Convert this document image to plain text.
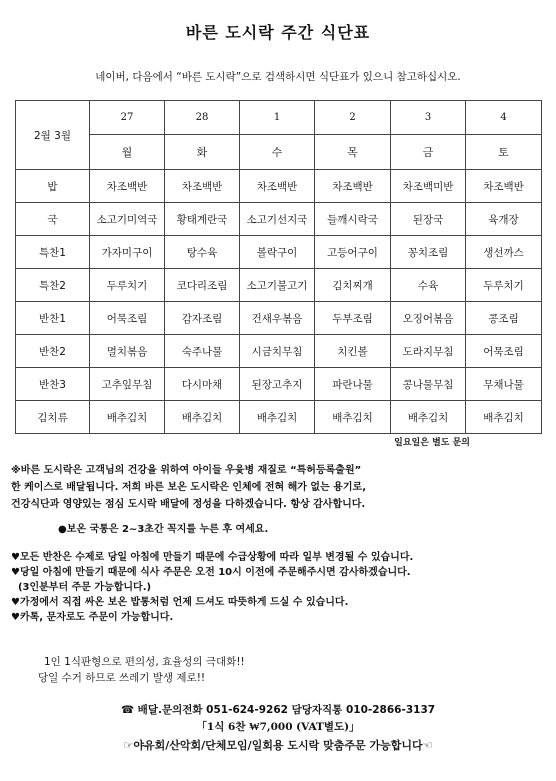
바른 도시락 주간 식단표
네이버, 다음에서 “바른 도시락”으로 검색하시면 식단표가 있으니 참고하십시오.
2월 3월	27	28	1	2	3	4
	월	화	수	목	금	토
밥	차조백반	차조백반	차조백반	차조백반	차조백미반	차조백반
국	소고기미역국	황태계란국	소고기선지국	들깨시락국	된장국	육개장
특찬1	가자미구이	탕수육	볼락구이	고등어구이	꽁치조림	생선까스
특찬2	두루치기	코다리조림	소고기불고기	김치찌개	수육	두루치기
반찬1	어묵조림	감자조림	건새우볶음	두부조림	오징어볶음	콩조림
반찬2	멸치볶음	숙주나물	시금치무침	치킨볼	도라지무침	어묵조림
반찬3	고추잎무침	다시마채	된장고추지	파란나물	콩나물무침	무채나물
김치류	배추김치	배추김치	배추김치	배추김치	배추김치	배추김치
일요일은 별도 문의
※바른 도시락은 고객님의 건강을 위하여 아이들 우윳병 재질로 “특허등록출원”
한 케이스로 배달됩니다. 저희 바른 보온 도시락은 인체에 전혀 해가 없는 용기로,
건강식단과 영양있는 점심 도시락 배달에 정성을 다하겠습니다. 항상 감사합니다.
●보온 국통은 2~3초간 꼭지를 누른 후 여세요.
♥모든 반찬은 수제로 당일 아침에 만들기 때문에 수급상황에 따라 일부 변경될 수 있습니다.
♥당일 아침에 만들기 때문에 식사 주문은 오전 10시 이전에 주문해주시면 감사하겠습니다.
(3인분부터 주문 가능합니다.)
♥가정에서 직접 싸온 보온 밥통처럼 언제 드셔도 따뜻하게 드실 수 있습니다.
♥카톡, 문자로도 주문이 가능합니다.
1인 1식판형으로 편의성, 효율성의 극대화!!
당일 수거 하므로 쓰레기 발생 제로!!
☎ 배달.문의전화 051-624-9262 담당자직통 010-2866-3137
「1식 6찬 ₩7,000 (VAT별도)」
☞야유회/산악회/단체모임/일회용 도시락 맞춤주문 가능합니다☜
